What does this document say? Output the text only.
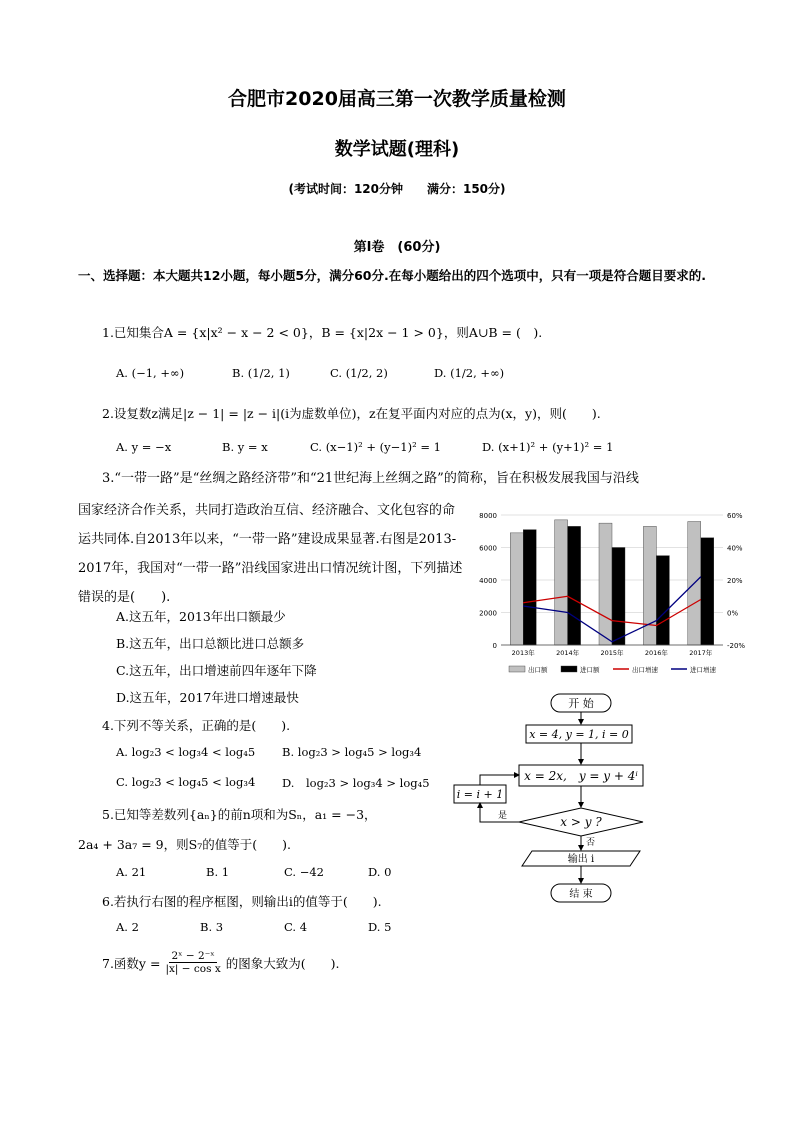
合肥市2020届高三第一次教学质量检测
数学试题(理科)
(考试时间：120分钟　　满分：150分)
第Ⅰ卷　(60分)
一、选择题：本大题共12小题，每小题5分，满分60分.在每小题给出的四个选项中，只有一项是符合题目要求的.
1.已知集合A = {x|x² − x − 2 < 0}，B = {x|2x − 1 > 0}，则A∪B = (　).
A. (−1, +∞)	B. (1/2, 1)	C. (1/2, 2)	D. (1/2, +∞)
2.设复数z满足|z − 1| = |z − i|(i为虚数单位)，z在复平面内对应的点为(x，y)，则(　　).
A. y = −x	B. y = x	C. (x−1)² + (y−1)² = 1	D. (x+1)² + (y+1)² = 1
3.“一带一路”是“丝绸之路经济带”和“21世纪海上丝绸之路”的简称，旨在积极发展我国与沿线
国家经济合作关系，共同打造政治互信、经济融合、文化包容的命运共同体.自2013年以来，“一带一路”建设成果显著.右图是2013-2017年，我国对“一带一路”沿线国家进出口情况统计图，下列描述错误的是(　　).
A.这五年，2013年出口额最少
B.这五年，出口总额比进口总额多
C.这五年，出口增速前四年逐年下降
D.这五年，2017年进口增速最快
0
2000
4000
6000
8000
-20%
0%
20%
40%
60%
2013年	2014年	2015年	2016年	2017年
出口额	进口额	出口增速	进口增速
4.下列不等关系，正确的是(　　).
A. log₂3 < log₃4 < log₄5 B. log₂3 > log₄5 > log₃4
C. log₂3 < log₄5 < log₃4 D.　log₂3 > log₃4 > log₄5
5.已知等差数列{aₙ}的前n项和为Sₙ，a₁ = −3，
2a₄ + 3a₇ = 9，则S₇的值等于(　　).
A. 21	B. 1	C. −42	D. 0
6.若执行右图的程序框图，则输出i的值等于(　　).
A. 2	B. 3	C. 4	D. 5
7.函数$y = \frac{\text{2ˣ − 2⁻ˣ}}{\text{|x| − cos x}}$ 的图象大致为(　　).
开 始
x = 4, y = 1, i = 0
x = 2x,　y = y + 4ⁱ
i = i + 1
x > y ?
是
否
输出 i
结 束
